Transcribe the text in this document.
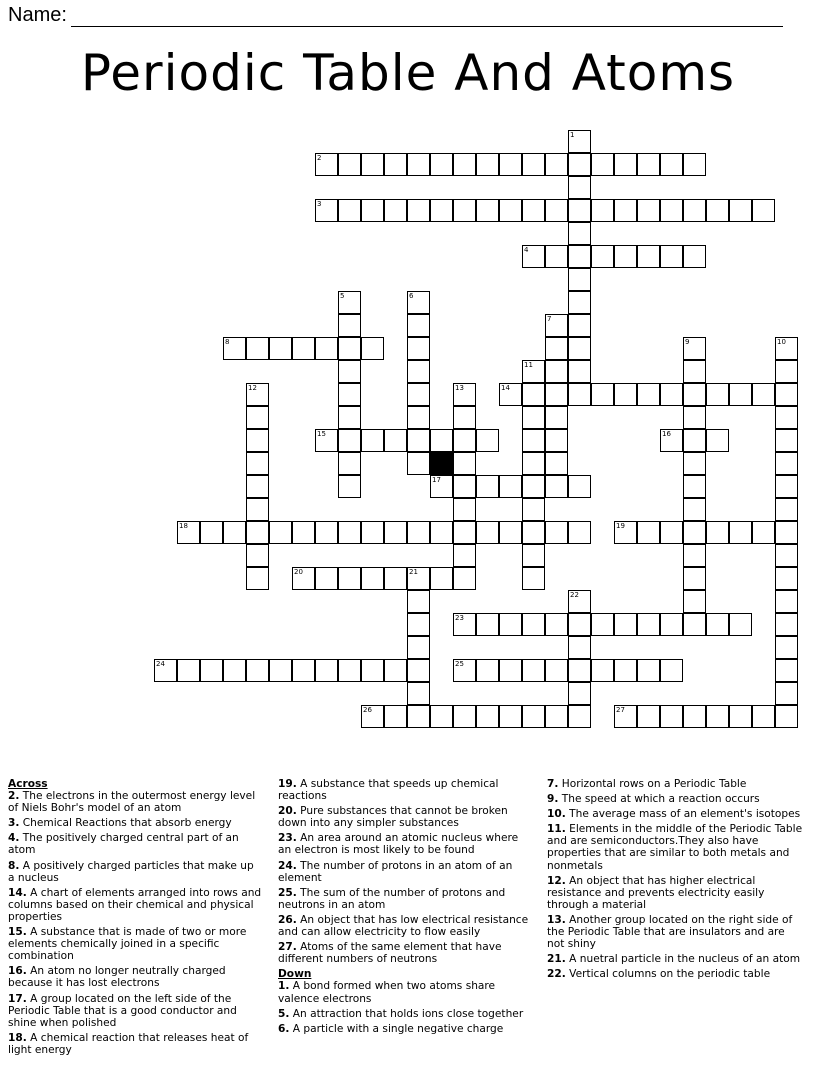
Name:
Periodic Table And Atoms
1
2
3
4
5	6
7
8	9	10
11
12	13	14
15	16
17
18	19
20	21
22
23
24	25
26	27
Across
2. The electrons in the outermost energy level of Niels Bohr's model of an atom
3. Chemical Reactions that absorb energy
4. The positively charged central part of an atom
8. A positively charged particles that make up a nucleus
14. A chart of elements arranged into rows and columns based on their chemical and physical properties
15. A substance that is made of two or more elements chemically joined in a specific combination
16. An atom no longer neutrally charged because it has lost electrons
17. A group located on the left side of the Periodic Table that is a good conductor and shine when polished
18. A chemical reaction that releases heat of light energy
19. A substance that speeds up chemical reactions
20. Pure substances that cannot be broken down into any simpler substances
23. An area around an atomic nucleus where an electron is most likely to be found
24. The number of protons in an atom of an element
25. The sum of the number of protons and neutrons in an atom
26. An object that has low electrical resistance and can allow electricity to flow easily
27. Atoms of the same element that have different numbers of neutrons
Down
1. A bond formed when two atoms share valence electrons
5. An attraction that holds ions close together
6. A particle with a single negative charge
7. Horizontal rows on a Periodic Table
9. The speed at which a reaction occurs
10. The average mass of an element's isotopes
11. Elements in the middle of the Periodic Table and are semiconductors.They also have properties that are similar to both metals and nonmetals
12. An object that has higher electrical resistance and prevents electricity easily through a material
13. Another group located on the right side of the Periodic Table that are insulators and are not shiny
21. A nuetral particle in the nucleus of an atom
22. Vertical columns on the periodic table
